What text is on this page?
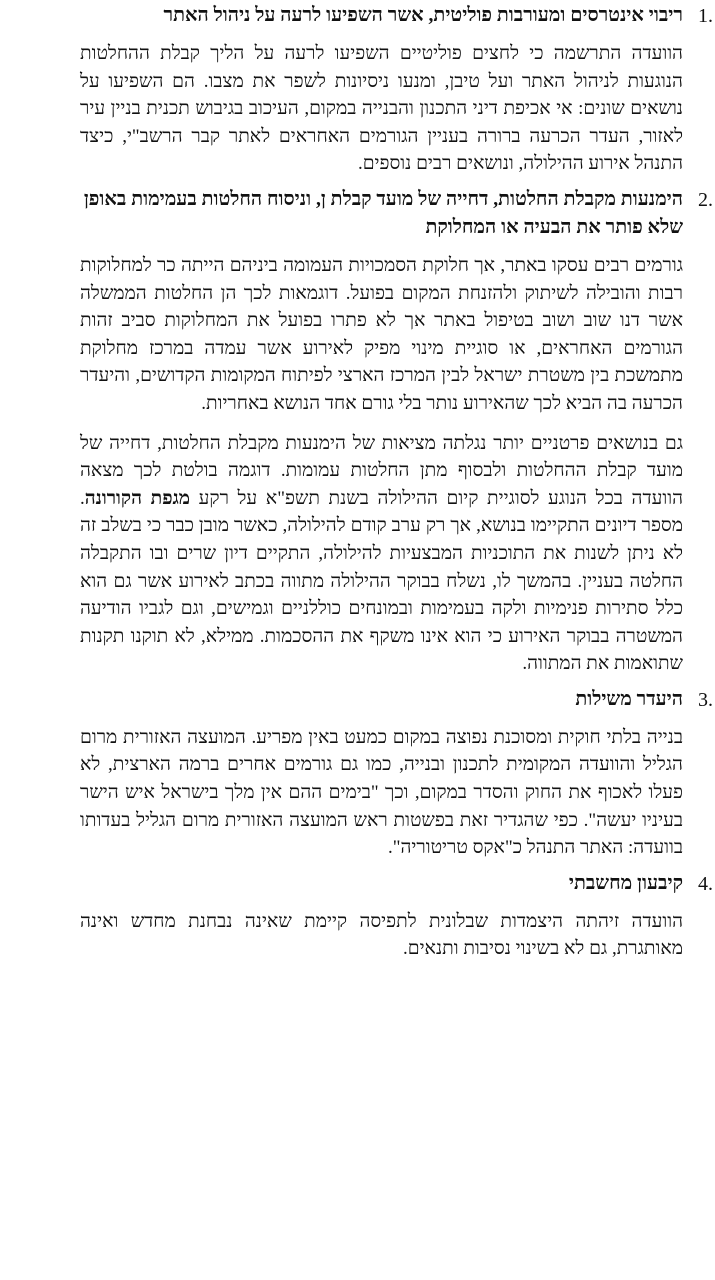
1.
ריבוי אינטרסים ומעורבות פוליטית, אשר השפיעו לרעה על ניהול האתר

הוועדה התרשמה כי לחצים פוליטיים השפיעו לרעה על הליך קבלת ההחלטות הנוגעות לניהול האתר ועל טיבן, ומנעו ניסיונות לשפר את מצבו. הם השפיעו על נושאים שונים: אי אכיפת דיני התכנון והבנייה במקום, העיכוב בגיבוש תכנית בניין עיר לאזור, העדר הכרעה ברורה בעניין הגורמים האחראים לאתר קבר הרשב"י, כיצד התנהל אירוע ההילולה, ונושאים רבים נוספים.

2.
הימנעות מקבלת החלטות, דחייה של מועד קבלת ן, וניסוח החלטות בעמימות באופן שלא פותר את הבעיה או המחלוקת

גורמים רבים עסקו באתר, אך חלוקת הסמכויות העמומה ביניהם הייתה כר למחלוקות רבות והובילה לשיתוק ולהזנחת המקום בפועל. דוגמאות לכך הן החלטות הממשלה אשר דנו שוב ושוב בטיפול באתר אך לא פתרו בפועל את המחלוקות סביב זהות הגורמים האחראים, או סוגיית מינוי מפיק לאירוע אשר עמדה במרכז מחלוקת מתמשכת בין משטרת ישראל לבין המרכז הארצי לפיתוח המקומות הקדושים, והיעדר הכרעה בה הביא לכך שהאירוע נותר בלי גורם אחד הנושא באחריות.

גם בנושאים פרטניים יותר נגלתה מציאות של הימנעות מקבלת החלטות, דחייה של מועד קבלת ההחלטות ולבסוף מתן החלטות עמומות. דוגמה בולטת לכך מצאה הוועדה בכל הנוגע לסוגיית קיום ההילולה בשנת תשפ"א על רקע מגפת הקורונה. מספר דיונים התקיימו בנושא, אך רק ערב קודם להילולה, כאשר מובן כבר כי בשלב זה לא ניתן לשנות את התוכניות המבצעיות להילולה, התקיים דיון שרים ובו התקבלה החלטה בעניין. בהמשך לו, נשלח בבוקר ההילולה מתווה בכתב לאירוע אשר גם הוא כלל סתירות פנימיות ולקה בעמימות ובמונחים כוללניים וגמישים, וגם לגביו הודיעה המשטרה בבוקר האירוע כי הוא אינו משקף את ההסכמות. ממילא, לא תוקנו תקנות שתואמות את המתווה.

3.
היעדר משילות

בנייה בלתי חוקית ומסוכנת נפוצה במקום כמעט באין מפריע. המועצה האזורית מרום הגליל והוועדה המקומית לתכנון ובנייה, כמו גם גורמים אחרים ברמה הארצית, לא פעלו לאכוף את החוק והסדר במקום, וכך "בימים ההם אין מלך בישראל איש הישר בעיניו יעשה". כפי שהגדיר זאת בפשטות ראש המועצה האזורית מרום הגליל בעדותו בוועדה: האתר התנהל כ"אקס טריטוריה".

4.
קיבעון מחשבתי

הוועדה זיהתה היצמדות שבלונית לתפיסה קיימת שאינה נבחנת מחדש ואינה מאותגרת, גם לא בשינוי נסיבות ותנאים.
